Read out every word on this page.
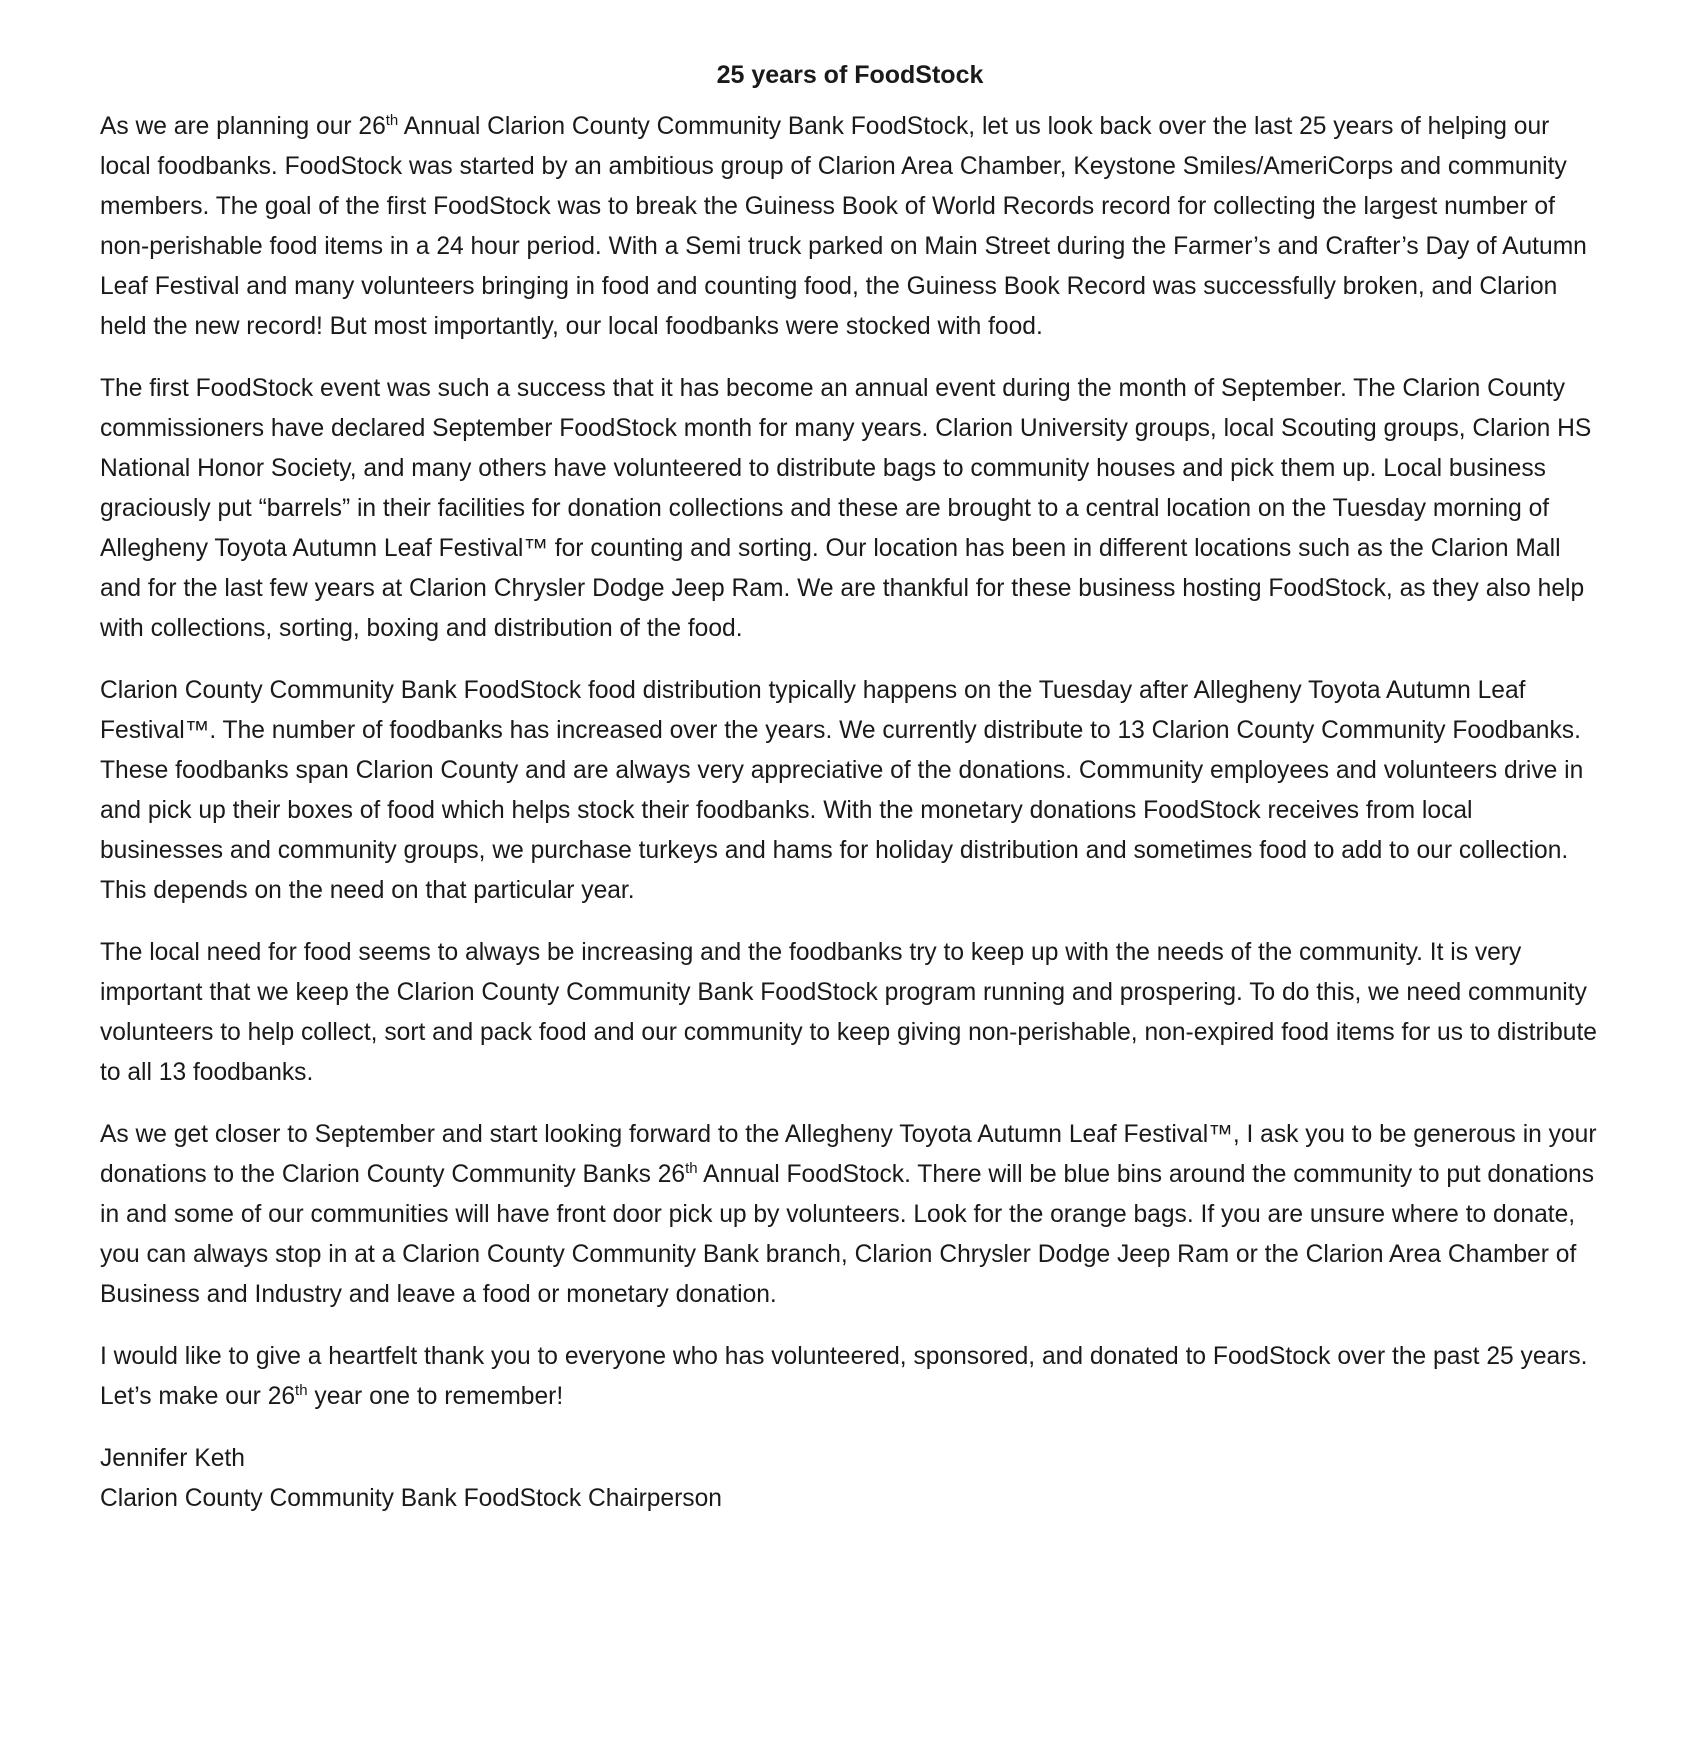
25 years of FoodStock

As we are planning our 26th Annual Clarion County Community Bank FoodStock, let us look back over the last 25 years of helping our local foodbanks. FoodStock was started by an ambitious group of Clarion Area Chamber, Keystone Smiles/AmeriCorps and community members. The goal of the first FoodStock was to break the Guiness Book of World Records record for collecting the largest number of non-perishable food items in a 24 hour period. With a Semi truck parked on Main Street during the Farmer’s and Crafter’s Day of Autumn Leaf Festival and many volunteers bringing in food and counting food, the Guiness Book Record was successfully broken, and Clarion held the new record! But most importantly, our local foodbanks were stocked with food.

The first FoodStock event was such a success that it has become an annual event during the month of September. The Clarion County commissioners have declared September FoodStock month for many years. Clarion University groups, local Scouting groups, Clarion HS National Honor Society, and many others have volunteered to distribute bags to community houses and pick them up. Local business graciously put “barrels” in their facilities for donation collections and these are brought to a central location on the Tuesday morning of Allegheny Toyota Autumn Leaf Festival™ for counting and sorting. Our location has been in different locations such as the Clarion Mall and for the last few years at Clarion Chrysler Dodge Jeep Ram. We are thankful for these business hosting FoodStock, as they also help with collections, sorting, boxing and distribution of the food.

Clarion County Community Bank FoodStock food distribution typically happens on the Tuesday after Allegheny Toyota Autumn Leaf Festival™. The number of foodbanks has increased over the years. We currently distribute to 13 Clarion County Community Foodbanks. These foodbanks span Clarion County and are always very appreciative of the donations. Community employees and volunteers drive in and pick up their boxes of food which helps stock their foodbanks. With the monetary donations FoodStock receives from local businesses and community groups, we purchase turkeys and hams for holiday distribution and sometimes food to add to our collection. This depends on the need on that particular year.

The local need for food seems to always be increasing and the foodbanks try to keep up with the needs of the community. It is very important that we keep the Clarion County Community Bank FoodStock program running and prospering. To do this, we need community volunteers to help collect, sort and pack food and our community to keep giving non-perishable, non-expired food items for us to distribute to all 13 foodbanks.

As we get closer to September and start looking forward to the Allegheny Toyota Autumn Leaf Festival™, I ask you to be generous in your donations to the Clarion County Community Banks 26th Annual FoodStock. There will be blue bins around the community to put donations in and some of our communities will have front door pick up by volunteers. Look for the orange bags. If you are unsure where to donate, you can always stop in at a Clarion County Community Bank branch, Clarion Chrysler Dodge Jeep Ram or the Clarion Area Chamber of Business and Industry and leave a food or monetary donation.

I would like to give a heartfelt thank you to everyone who has volunteered, sponsored, and donated to FoodStock over the past 25 years. Let’s make our 26th year one to remember!

Jennifer Keth
Clarion County Community Bank FoodStock Chairperson
